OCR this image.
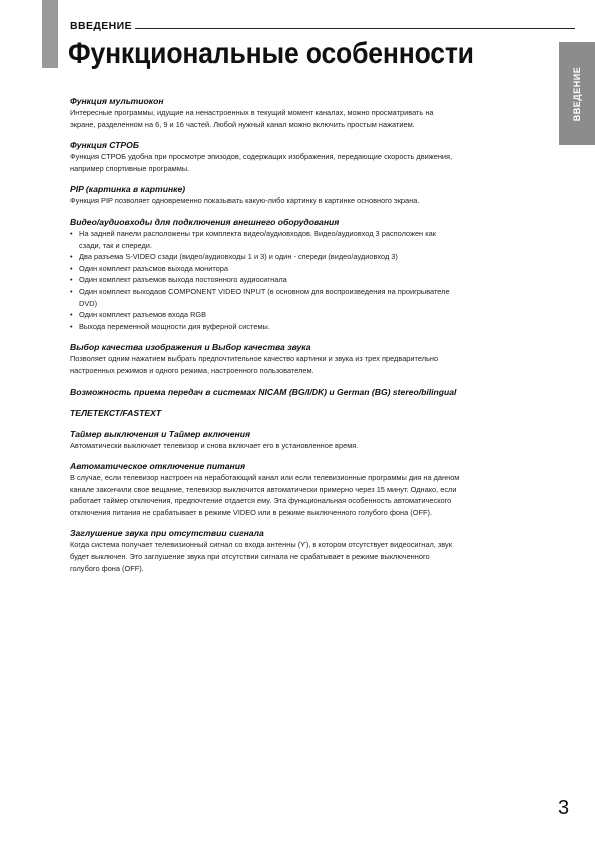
ВВЕДЕНИЕ
Функциональные особенности
ВВЕДЕНИЕ
Функция мультиокон
Интересные программы, идущие на ненастроенных в текущий момент каналах, можно просматривать на
экране, разделенном на 6, 9 и 16 частей. Любой нужный канал можно включить простым нажатием.
Функция СТРОБ
Функция СТРОБ удобна при просмотре эпизодов, содержащих изображения, передающие скорость движения,
например спортивные программы.
PIP (картинка в картинке)
Функция PIP позволяет одновременно показывать какую-либо картинку в картинке основного экрана.
Видео/аудиовходы для подключения внешнего оборудования
• На задней панели расположены три комплекта видео/аудиовходов. Видео/аудиовход 3 расположен как
сзади, так и спереди.
• Два разъема S-VIDEO сзади (видео/аудиовходы 1 и 3) и один - спереди (видео/аудиовход 3)
• Один комплект разъсмов выхода монитора
• Один комплект разъемов выхода постоянного аудиосигнала
• Один комплект выходаов COMPONENT VIDEO INPUT (в основном для воспроизведения на проигрывателе
DVD)
• Один комплект разъемов входа RGB
• Выхода переменной мощности дия вуферной системы.
Выбор качества изображения и Выбор качества звука
Позволяет одним нажатием выбрать предпочтительное качество картинки и звука из трех предварительно
настроенных режимов и одного режима, настроенного пользователем.
Возможность приема передач в системах NICAM (BG/I/DK) и German (BG) stereo/bilingual
ТЕЛЕТЕКСТ/FASTEXT
Таймер выключения и Таймер включения
Автоматически выключает телевизор и снова включает его в установленное время.
Автоматическое отключение питания
В случае, если телевизор настроен на неработающий канал или если телевизионные программы дия на данном
канале закончили свое вещание, телевизор выключится автоматически примерно через 15 минут. Однако, если
работает таймер отключения, предпочтение отдается ему. Эта функциональная особенность автоматического
отключения питания не срабатывает в режиме VIDEO или в режиме выключенного голубого фона (OFF).
Заглушение звука при отсутствии сигнала
Когда система получает телевизионный сигнал со входа антенны (Ƴ), в котором отсутствует видеосигнал, звук
будет выключен. Это заглушение звука при отсутствии сигнала не срабатывает в режиме выключенного
голубого фона (OFF).
3
